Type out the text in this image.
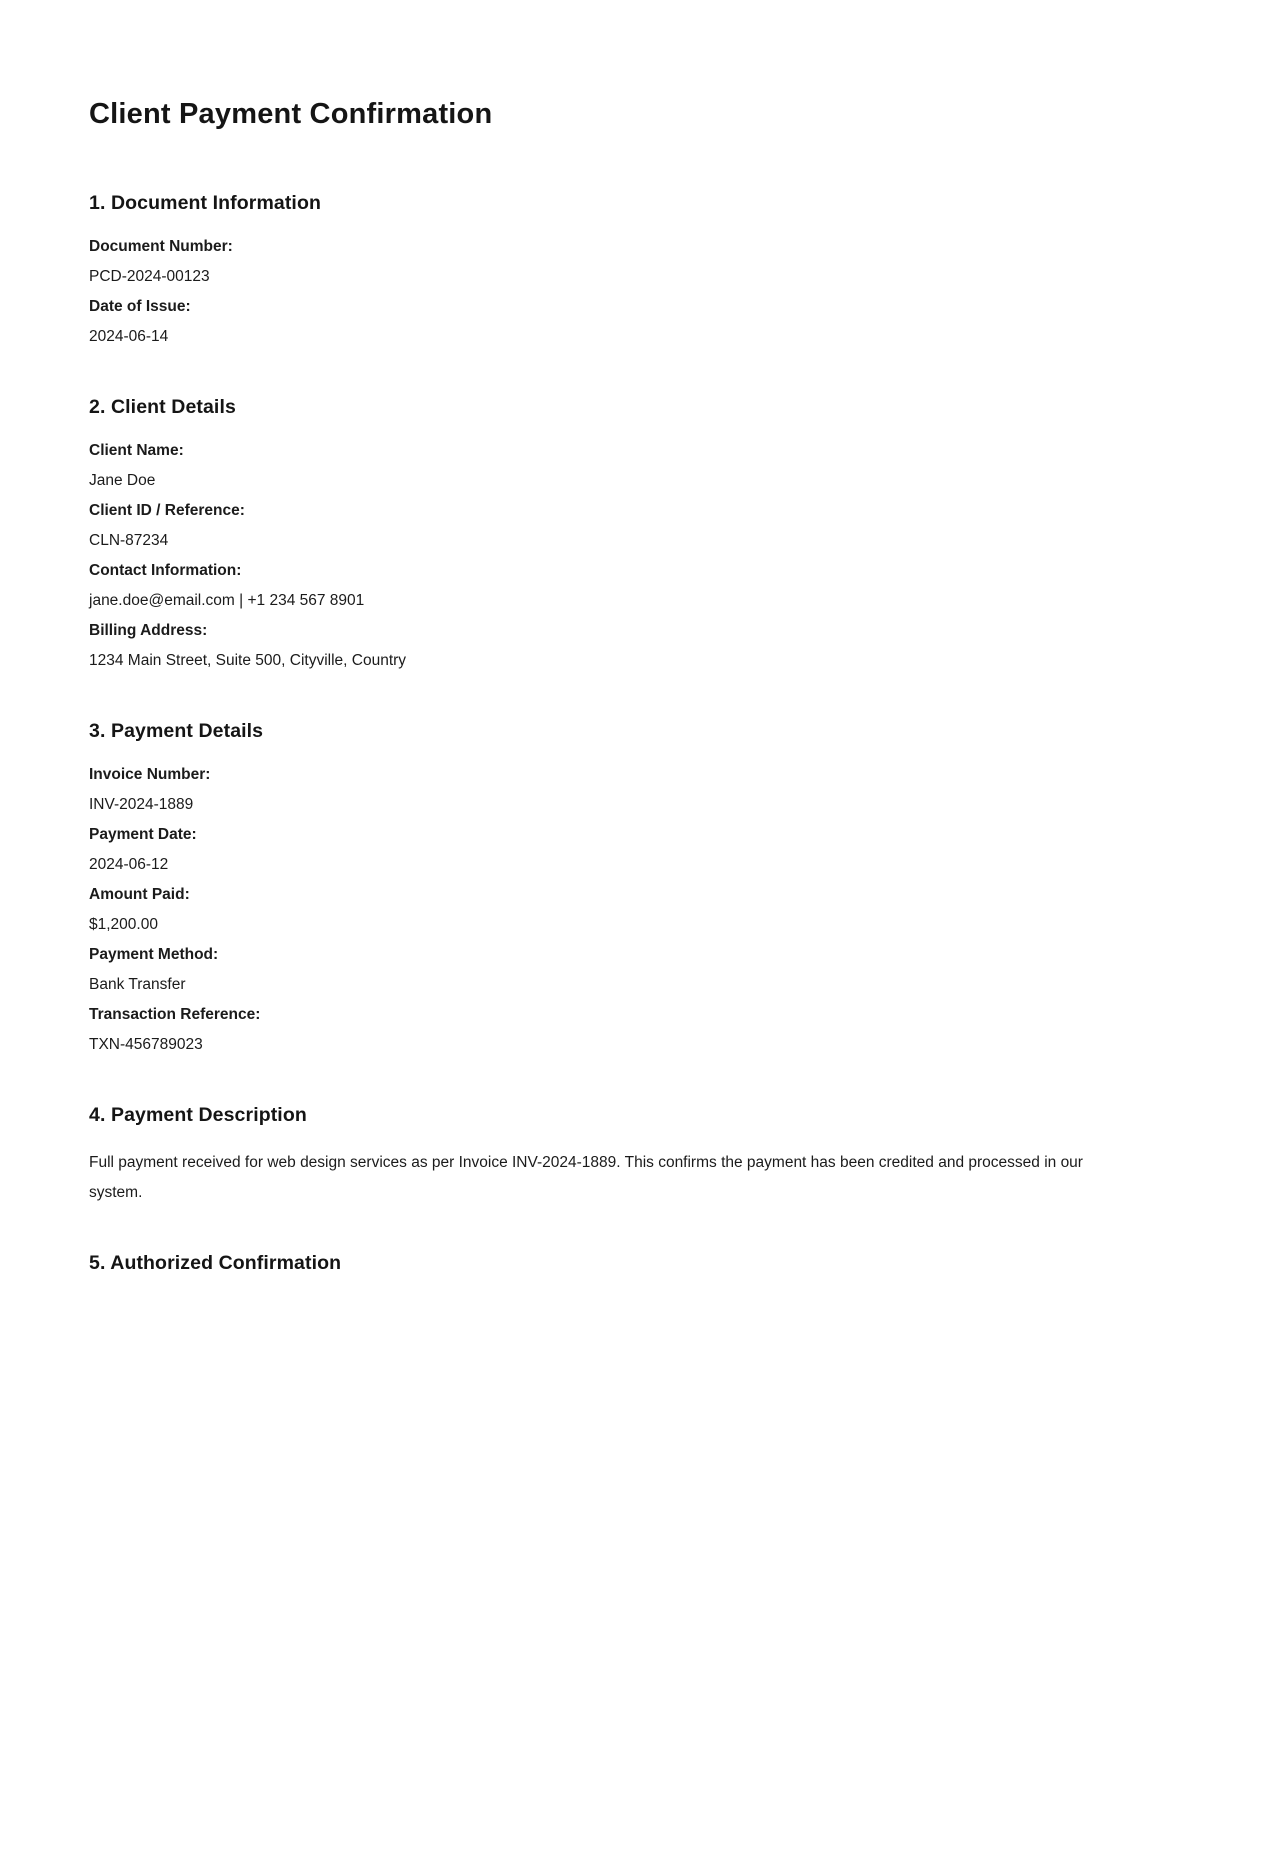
Client Payment Confirmation
1. Document Information
Document Number:
PCD-2024-00123
Date of Issue:
2024-06-14
2. Client Details
Client Name:
Jane Doe
Client ID / Reference:
CLN-87234
Contact Information:
jane.doe@email.com | +1 234 567 8901
Billing Address:
1234 Main Street, Suite 500, Cityville, Country
3. Payment Details
Invoice Number:
INV-2024-1889
Payment Date:
2024-06-12
Amount Paid:
$1,200.00
Payment Method:
Bank Transfer
Transaction Reference:
TXN-456789023
4. Payment Description

Full payment received for web design services as per Invoice INV-2024-1889. This confirms the payment has been credited and processed in our system.

5. Authorized Confirmation
